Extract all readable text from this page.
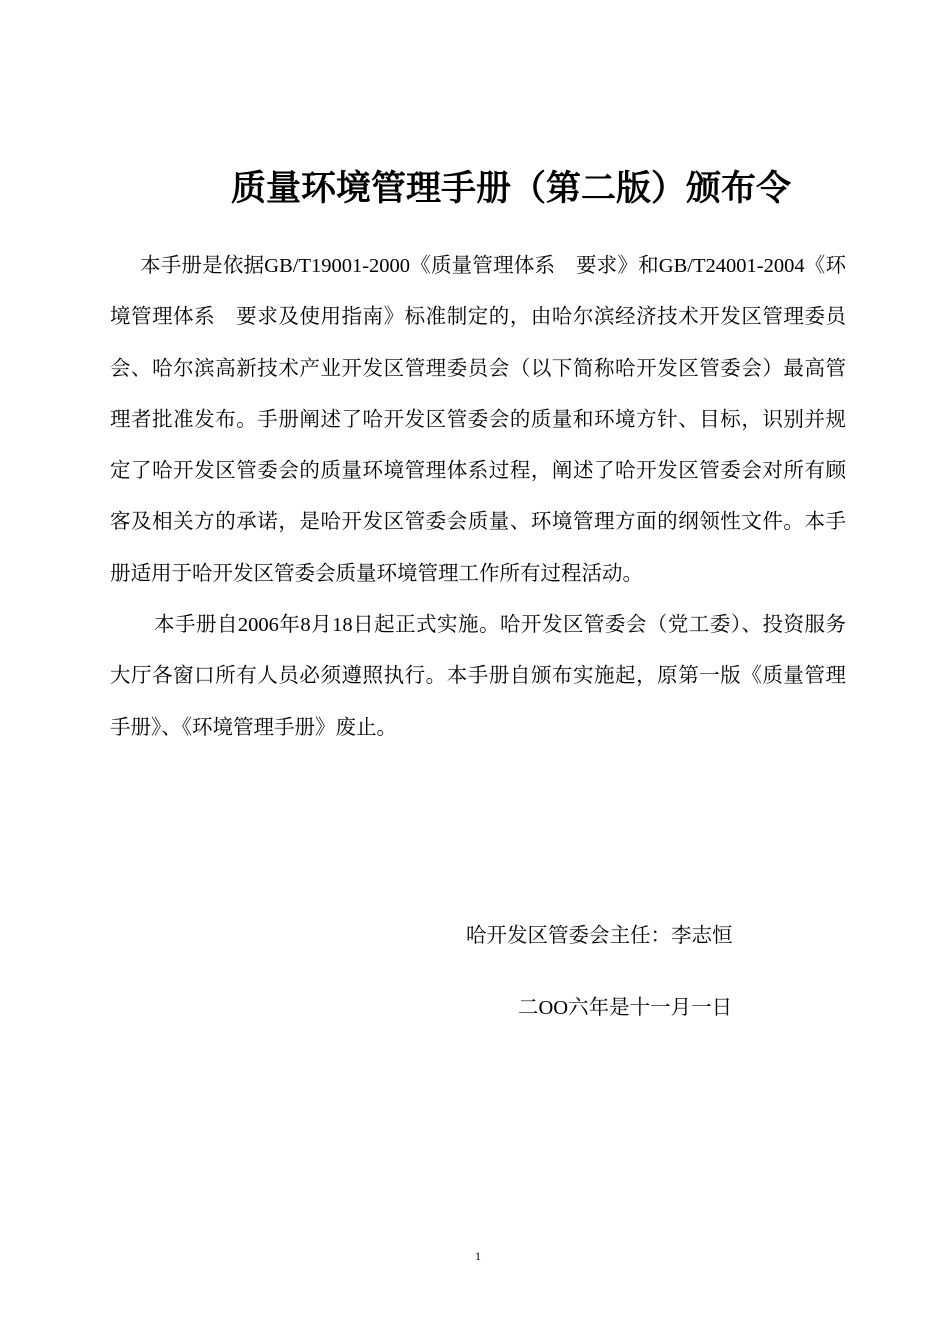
质量环境管理手册（第二版）颁布令

本手册是依据GB/T19001-2000《质量管理体系　要求》和GB/T24001-2004《环境管理体系　要求及使用指南》标准制定的，由哈尔滨经济技术开发区管理委员会、哈尔滨高新技术产业开发区管理委员会（以下简称哈开发区管委会）最高管理者批准发布。手册阐述了哈开发区管委会的质量和环境方针、目标，识别并规定了哈开发区管委会的质量环境管理体系过程，阐述了哈开发区管委会对所有顾客及相关方的承诺，是哈开发区管委会质量、环境管理方面的纲领性文件。本手册适用于哈开发区管委会质量环境管理工作所有过程活动。

本手册自2006年8月18日起正式实施。哈开发区管委会（党工委）、投资服务大厅各窗口所有人员必须遵照执行。本手册自颁布实施起，原第一版《质量管理手册》、《环境管理手册》废止。

哈开发区管委会主任：李志恒
二OO六年是十一月一日
1
